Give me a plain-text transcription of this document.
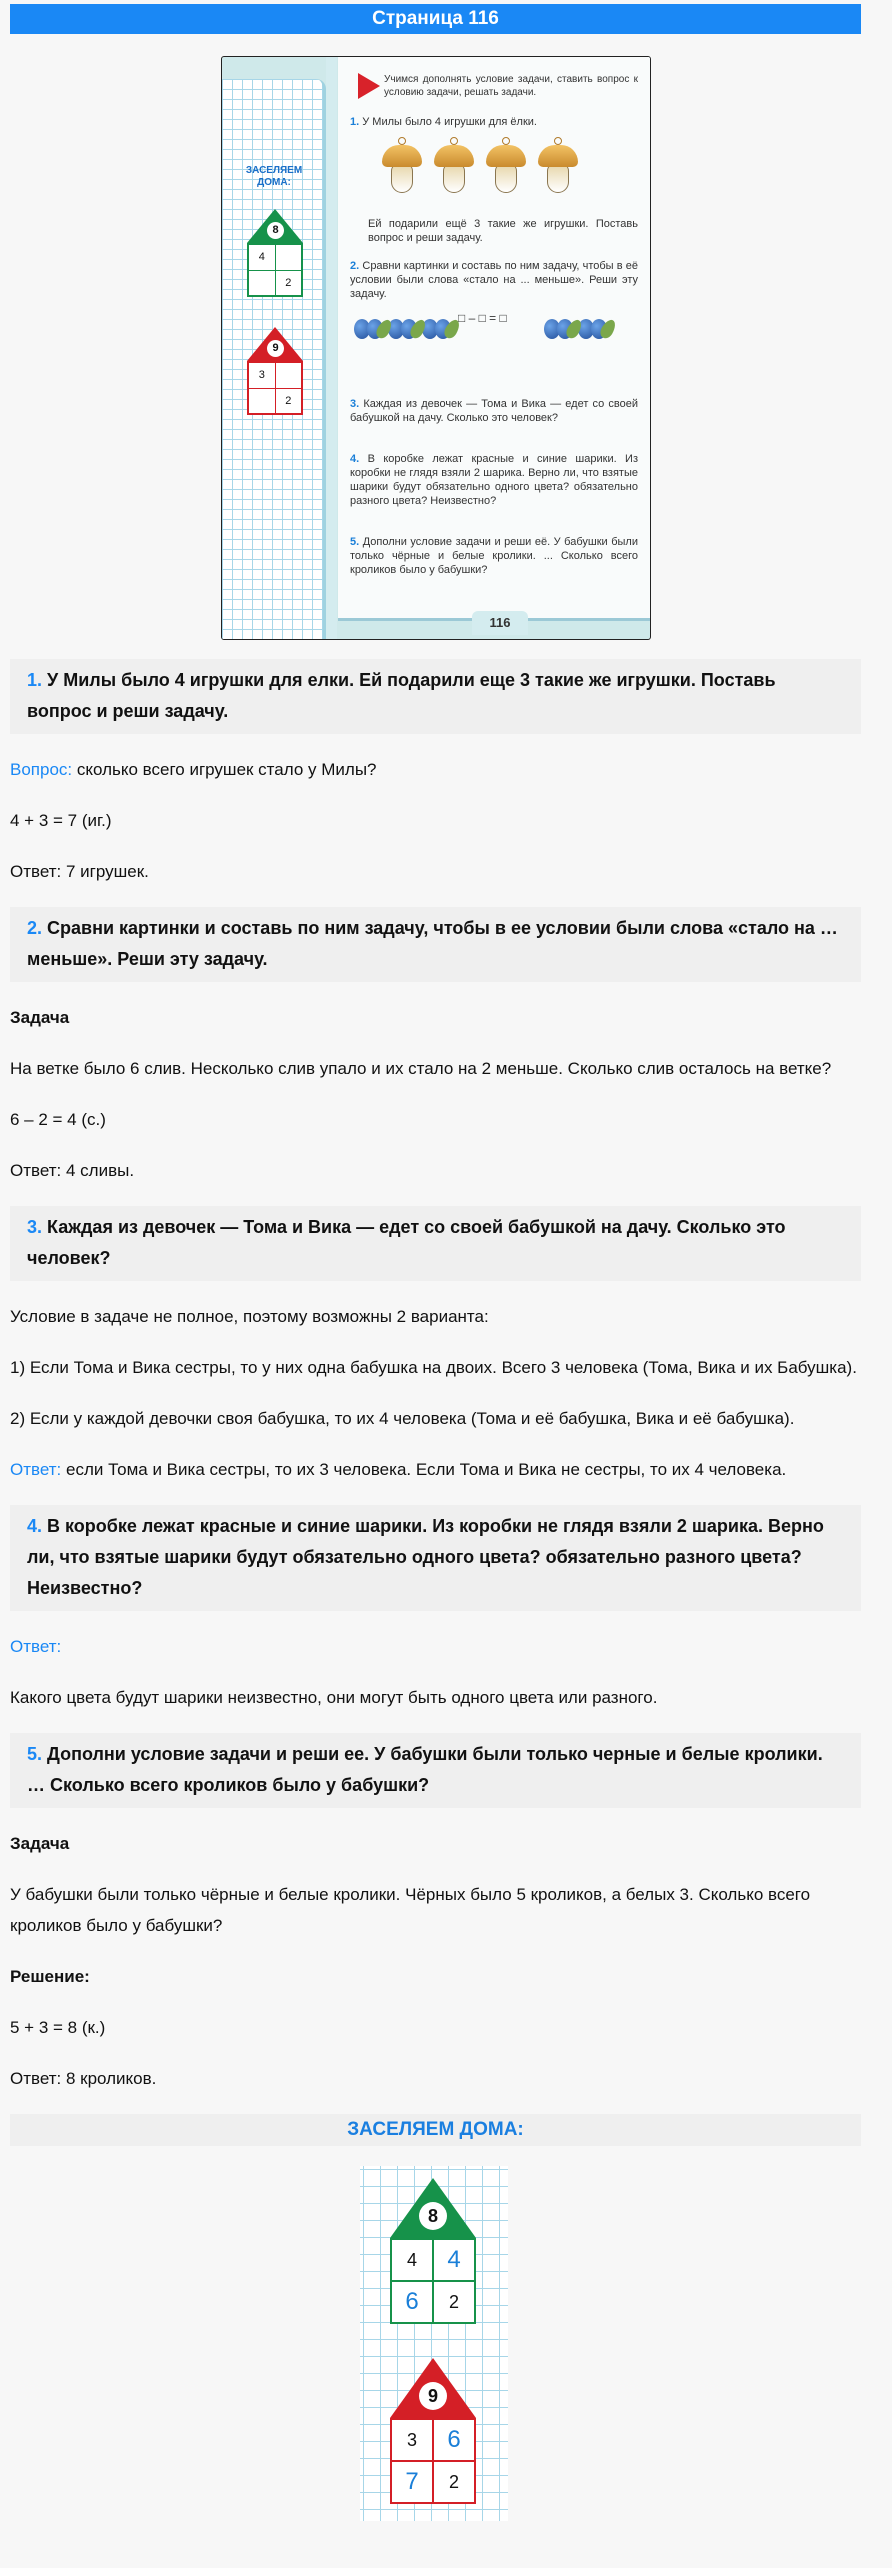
Страница 116
ЗАСЕЛЯЕМ
ДОМА:
8
4	
	2
9
3	
	2
Учимся дополнять условие задачи, ставить вопрос к условию задачи, решать задачи.
1. У Милы было 4 игрушки для ёлки.
Ей подарили ещё 3 такие же игрушки. Поставь вопрос и реши задачу.
2. Сравни картинки и составь по ним задачу, чтобы в её условии были слова «стало на ... меньше». Реши эту задачу.
□ – □ = □
3. Каждая из девочек — Тома и Вика — едет со своей бабушкой на дачу. Сколько это человек?
4. В коробке лежат красные и синие шарики. Из коробки не глядя взяли 2 шарика. Верно ли, что взятые шарики будут обязательно одного цвета? обязательно разного цвета? Неизвестно?
5. Дополни условие задачи и реши её. У бабушки были только чёрные и белые кролики. ... Сколько всего кроликов было у бабушки?
116
1. У Милы было 4 игрушки для елки. Ей подарили еще 3 такие же игрушки. Поставь вопрос и реши задачу.

Вопрос: сколько всего игрушек стало у Милы?

4 + 3 = 7 (иг.)

Ответ: 7 игрушек.

2. Сравни картинки и составь по ним задачу, чтобы в ее условии были слова «стало на … меньше». Реши эту задачу.

Задача

На ветке было 6 слив. Несколько слив упало и их стало на 2 меньше. Сколько слив осталось на ветке?

6 – 2 = 4 (с.)

Ответ: 4 сливы.

3. Каждая из девочек — Тома и Вика — едет со своей бабушкой на дачу. Сколько это человек?

Условие в задаче не полное, поэтому возможны 2 варианта:

1) Если Тома и Вика сестры, то у них одна бабушка на двоих. Всего 3 человека (Тома, Вика и их Бабушка).

2) Если у каждой девочки своя бабушка, то их 4 человека (Тома и её бабушка, Вика и её бабушка).

Ответ: если Тома и Вика сестры, то их 3 человека. Если Тома и Вика не сестры, то их 4 человека.

4. В коробке лежат красные и синие шарики. Из коробки не глядя взяли 2 шарика. Верно ли, что взятые шарики будут обязательно одного цвета? обязательно разного цвета? Неизвестно?

Ответ:

Какого цвета будут шарики неизвестно, они могут быть одного цвета или разного.

5. Дополни условие задачи и реши ее. У бабушки были только черные и белые кролики. … Сколько всего кроликов было у бабушки?

Задача

У бабушки были только чёрные и белые кролики. Чёрных было 5 кроликов, а белых 3. Сколько всего кроликов было у бабушки?

Решение:

5 + 3 = 8 (к.)

Ответ: 8 кроликов.

ЗАСЕЛЯЕМ ДОМА:
8
4	4
6	2
9
3	6
7	2
